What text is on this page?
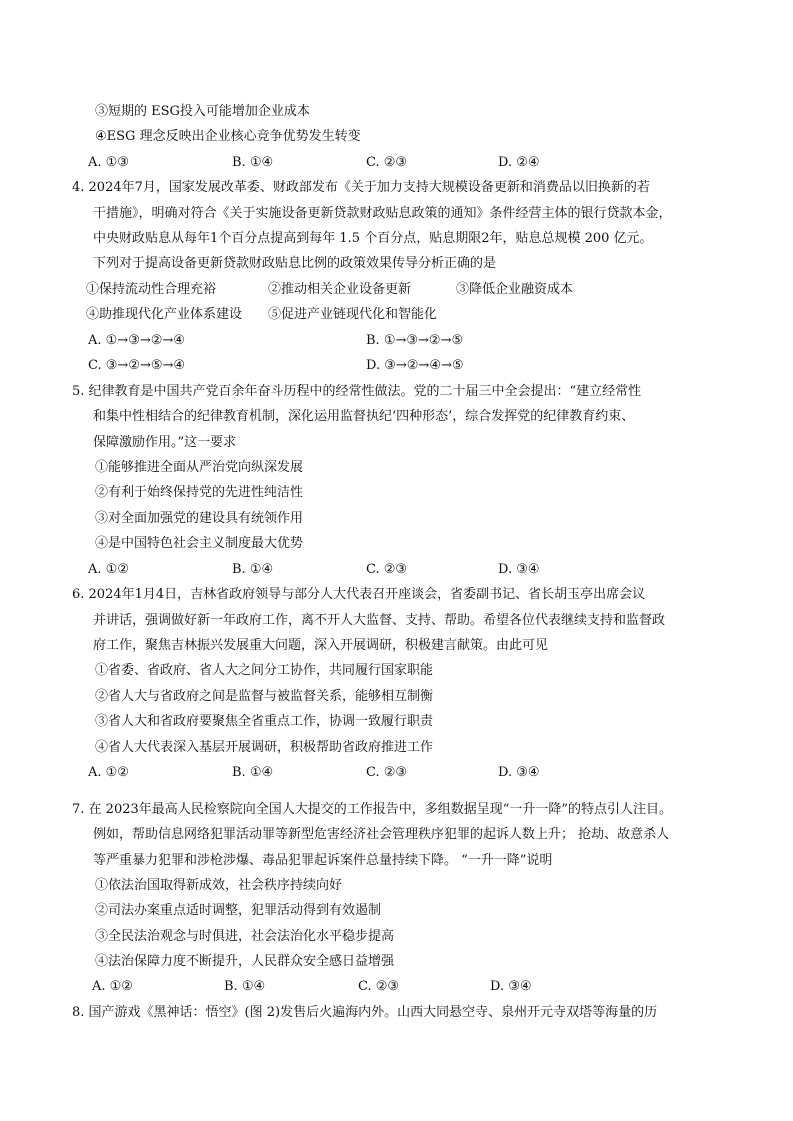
③短期的 ESG投入可能增加企业成本
④ESG 理念反映出企业核心竞争优势发生转变
A. ①③	B. ①④	C. ②③	D. ②④
4. 2024年7月，国家发展改革委、财政部发布《关于加力支持大规模设备更新和消费品以旧换新的若
干措施》，明确对符合《关于实施设备更新贷款财政贴息政策的通知》条件经营主体的银行贷款本金，
中央财政贴息从每年1个百分点提高到每年 1.5 个百分点，贴息期限2年，贴息总规模 200 亿元。
下列对于提高设备更新贷款财政贴息比例的政策效果传导分析正确的是
①保持流动性合理充裕	②推动相关企业设备更新	③降低企业融资成本
④助推现代化产业体系建设 ⑤促进产业链现代化和智能化
A. ①→③→②→④	B. ①→③→②→⑤
C. ③→②→⑤→④	D. ③→②→④→⑤
5. 纪律教育是中国共产党百余年奋斗历程中的经常性做法。党的二十届三中全会提出：“建立经常性
和集中性相结合的纪律教育机制，深化运用监督执纪‘四种形态’，综合发挥党的纪律教育约束、
保障激励作用。”这一要求
①能够推进全面从严治党向纵深发展
②有利于始终保持党的先进性纯洁性
③对全面加强党的建设具有统领作用
④是中国特色社会主义制度最大优势
A. ①②	B. ①④	C. ②③	D. ③④
6. 2024年1月4日，吉林省政府领导与部分人大代表召开座谈会，省委副书记、省长胡玉亭出席会议
并讲话，强调做好新一年政府工作，离不开人大监督、支持、帮助。希望各位代表继续支持和监督政
府工作，聚焦吉林振兴发展重大问题，深入开展调研，积极建言献策。由此可见
①省委、省政府、省人大之间分工协作，共同履行国家职能
②省人大与省政府之间是监督与被监督关系，能够相互制衡
③省人大和省政府要聚焦全省重点工作，协调一致履行职责
④省人大代表深入基层开展调研，积极帮助省政府推进工作
A. ①②	B. ①④	C. ②③	D. ③④
7. 在 2023年最高人民检察院向全国人大提交的工作报告中，多组数据呈现“一升一降”的特点引人注目。
例如，帮助信息网络犯罪活动罪等新型危害经济社会管理秩序犯罪的起诉人数上升； 抢劫、故意杀人
等严重暴力犯罪和涉枪涉爆、毒品犯罪起诉案件总量持续下降。 “一升一降”说明
①依法治国取得新成效，社会秩序持续向好
②司法办案重点适时调整，犯罪活动得到有效遏制
③全民法治观念与时俱进，社会法治化水平稳步提高
④法治保障力度不断提升，人民群众安全感日益增强
A. ①②	B. ①④	C. ②③	D. ③④
8. 国产游戏《黑神话：悟空》(图 2)发售后火遍海内外。山西大同悬空寺、泉州开元寺双塔等海量的历
